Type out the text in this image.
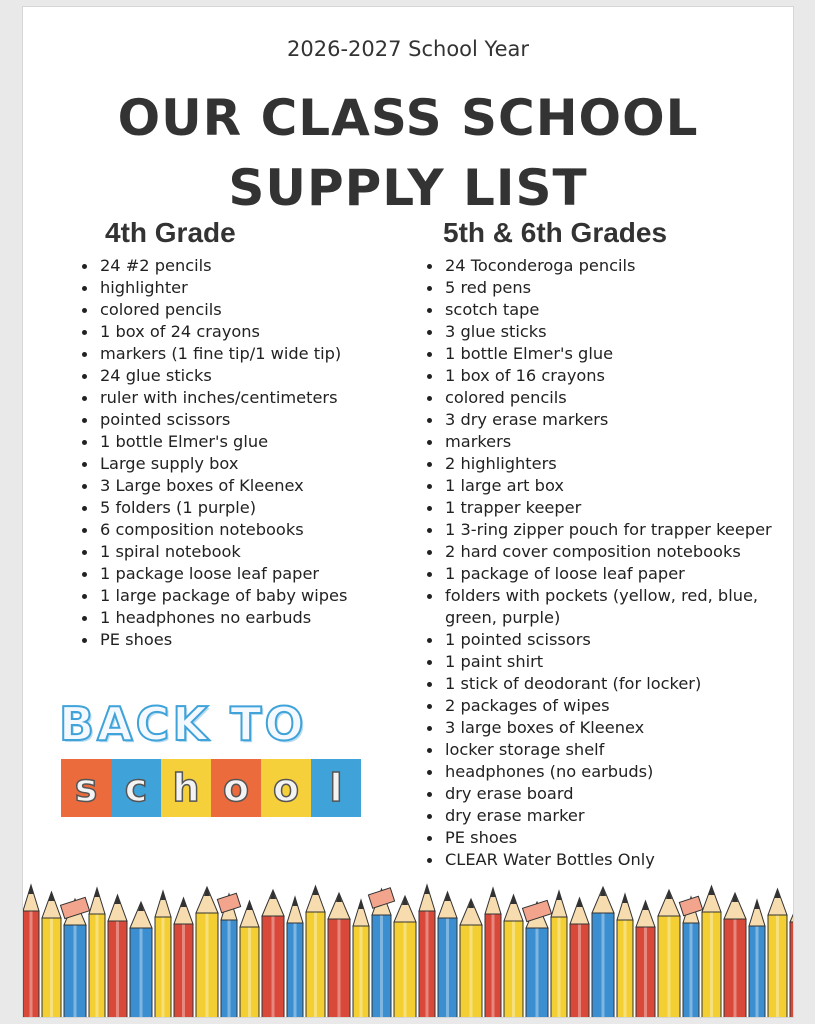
2026-2027 School Year
OUR CLASS SCHOOL
SUPPLY LIST
4th Grade	5th & 6th Grades
24 #2 pencils
highlighter
colored pencils
1 box of 24 crayons
markers (1 fine tip/1 wide tip)
24 glue sticks
ruler with inches/centimeters
pointed scissors
1 bottle Elmer's glue
Large supply box
3 Large boxes of Kleenex
5 folders (1 purple)
6 composition notebooks
1 spiral notebook
1 package loose leaf paper
1 large package of baby wipes
1 headphones no earbuds
PE shoes
24 Toconderoga pencils
5 red pens
scotch tape
3 glue sticks
1 bottle Elmer's glue
1 box of 16 crayons
colored pencils
3 dry erase markers
markers
2 highlighters
1 large art box
1 trapper keeper
1 3-ring zipper pouch for trapper keeper
2 hard cover composition notebooks
1 package of loose leaf paper
folders with pockets (yellow, red, blue, green, purple)
1 pointed scissors
1 paint shirt
1 stick of deodorant (for locker)
2 packages of wipes
3 large boxes of Kleenex
locker storage shelf
headphones (no earbuds)
dry erase board
dry erase marker
PE shoes
CLEAR Water Bottles Only
BACK TO
s c h o o l
